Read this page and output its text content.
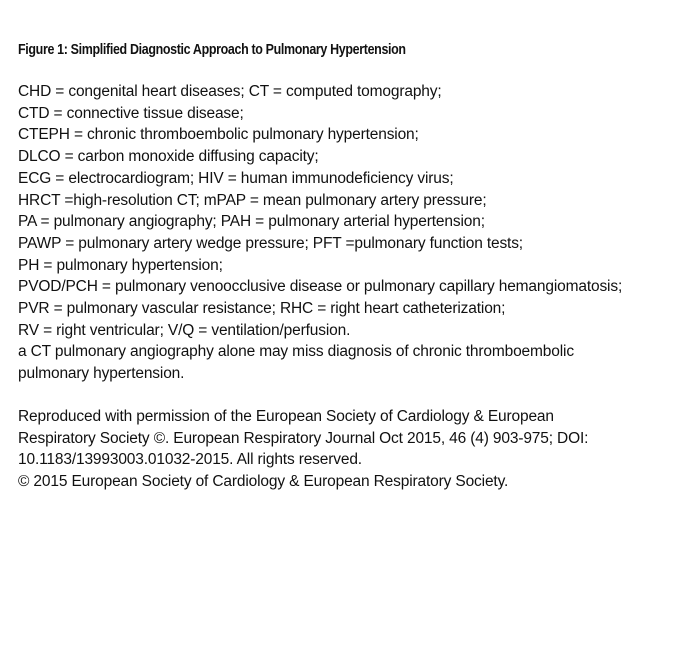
Figure 1: Simplified Diagnostic Approach to Pulmonary Hypertension
CHD = congenital heart diseases; CT = computed tomography;
CTD = connective tissue disease;
CTEPH = chronic thromboembolic pulmonary hypertension;
DLCO = carbon monoxide diffusing capacity;
ECG = electrocardiogram; HIV = human immunodeficiency virus;
HRCT =high-resolution CT; mPAP = mean pulmonary artery pressure;
PA = pulmonary angiography; PAH = pulmonary arterial hypertension;
PAWP = pulmonary artery wedge pressure; PFT =pulmonary function tests;
PH = pulmonary hypertension;
PVOD/PCH = pulmonary venoocclusive disease or pulmonary capillary hemangiomatosis;
PVR = pulmonary vascular resistance; RHC = right heart catheterization;
RV = right ventricular; V/Q = ventilation/perfusion.
a CT pulmonary angiography alone may miss diagnosis of chronic thromboembolic
pulmonary hypertension.
Reproduced with permission of the European Society of Cardiology & European
Respiratory Society ©. European Respiratory Journal Oct 2015, 46 (4) 903-975; DOI:
10.1183/13993003.01032-2015. All rights reserved.
© 2015 European Society of Cardiology & European Respiratory Society.
